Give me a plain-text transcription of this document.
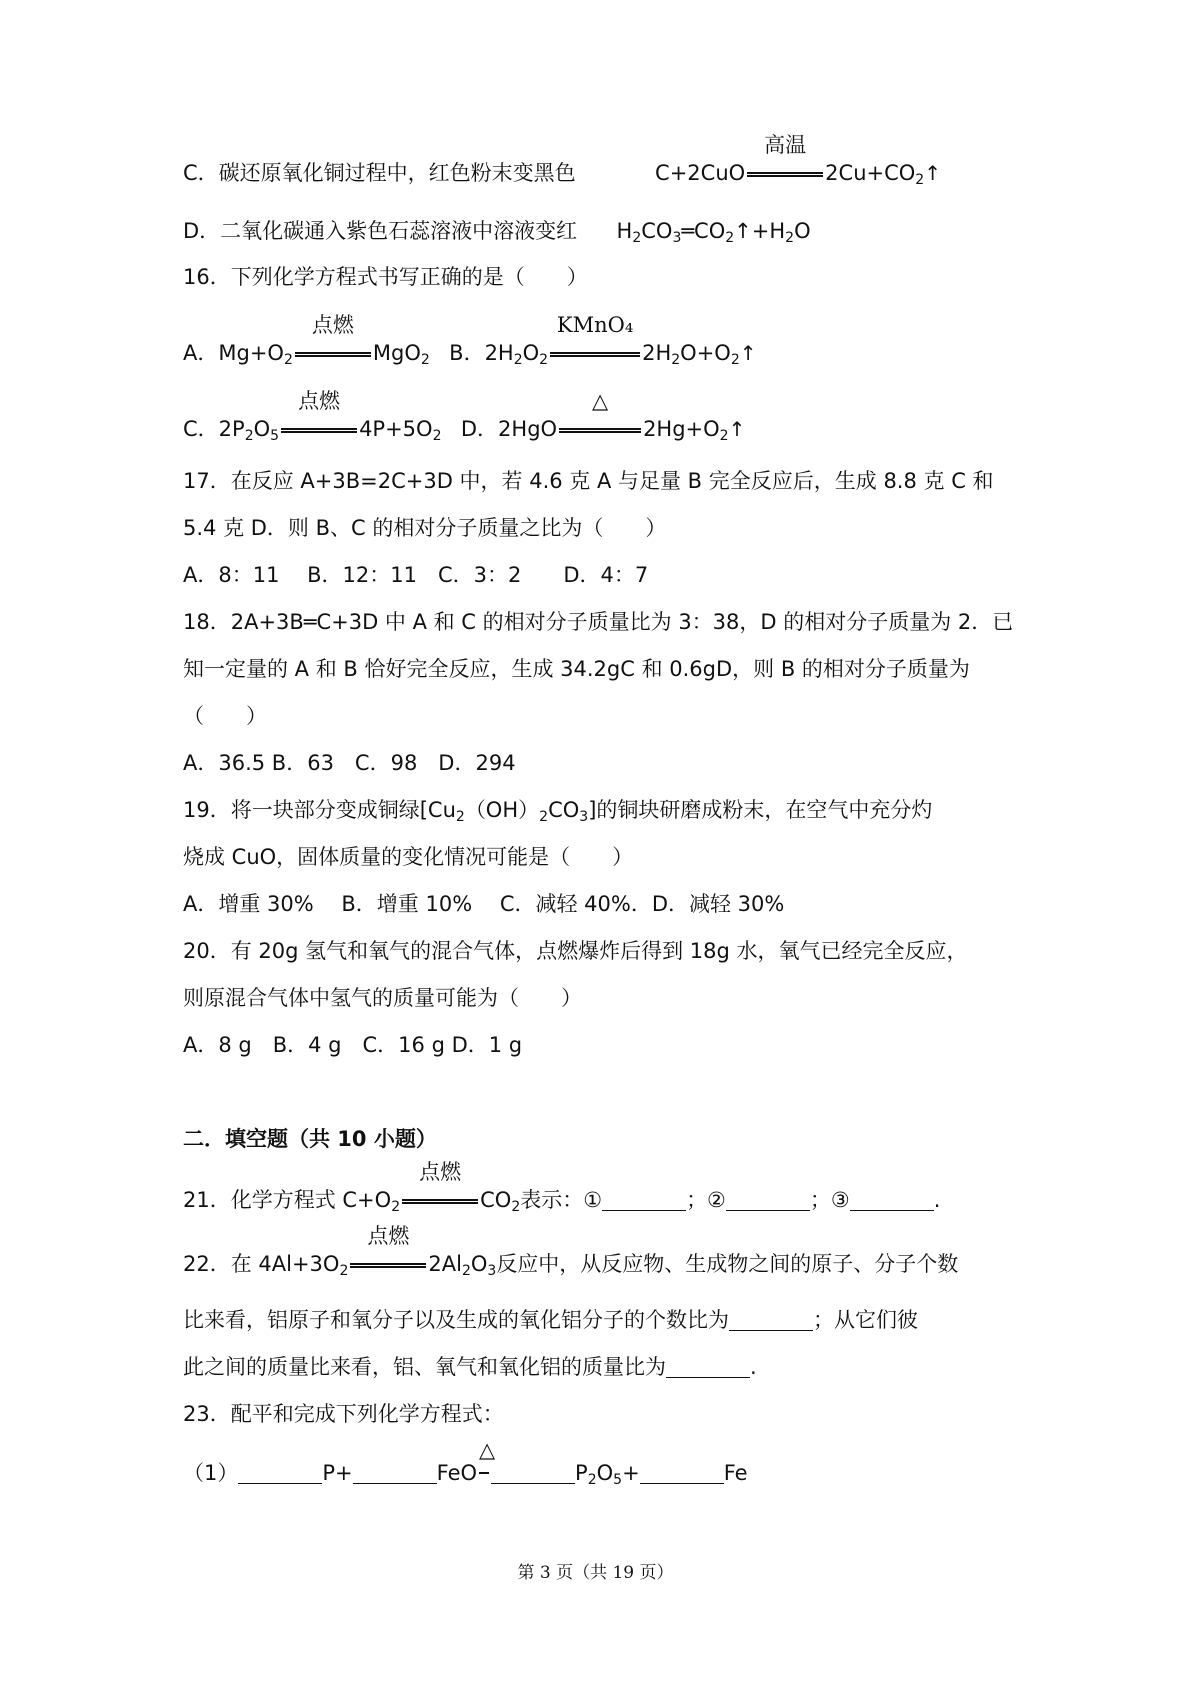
C．碳还原氧化铜过程中，红色粉末变黑色	C+2CuO
高温
$2Cu+CO_2↑$
D．二氧化碳通入紫色石蕊溶液中溶液变红 $H_2CO_3═CO_2↑+H_2O$
16．下列化学方程式书写正确的是（　　）
A．$Mg+O_2$
点燃
MgO$_2$ B．$2H_2O_2$
KMnO₄
$2H_2O+O_2↑$
C．$2P_2O_5$
点燃
$4P+5O_2$ D．2HgO
△
$2Hg+O_2↑$
17．在反应 A+3B=2C+3D 中，若 4.6 克 A 与足量 B 完全反应后，生成 8.8 克 C 和
5.4 克 D．则 B、C 的相对分子质量之比为（　　）
A．8：11　 B．12：11　C．3：2　　D．4：7
18．2A+3B═C+3D 中 A 和 C 的相对分子质量比为 3：38，D 的相对分子质量为 2．已
知一定量的 A 和 B 恰好完全反应，生成 34.2gC 和 0.6gD，则 B 的相对分子质量为
（　　）
A．36.5 B．63　C．98　D．294
19．将一块部分变成铜绿$[Cu_2(OH)_2CO_3]$的铜块研磨成粉末，在空气中充分灼
烧成 CuO，固体质量的变化情况可能是（　　）
A．增重 30%　 B．增重 10%　 C．减轻 40%．D．减轻 30%
20．有 20g 氢气和氧气的混合气体，点燃爆炸后得到 18g 水，氧气已经完全反应，
则原混合气体中氢气的质量可能为（　　）
A．8 g　B．4 g　C．16 g D．1 g
二．填空题（共 10 小题）
21．化学方程式 $C+O_2$
点燃
$CO_2$表示：①	；②	；③	.
22．在 $4Al+3O_2$
点燃
$2Al_2O_3$反应中，从反应物、生成物之间的原子、分子个数
比来看，铝原子和氧分子以及生成的氧化铝分子的个数比为	；从它们彼
此之间的质量比来看，铝、氧气和氧化铝的质量比为	.
23．配平和完成下列化学方程式：
（1）	P+	FeO
△
$P_2O_5+$	Fe
第 3 页（共 19 页）
